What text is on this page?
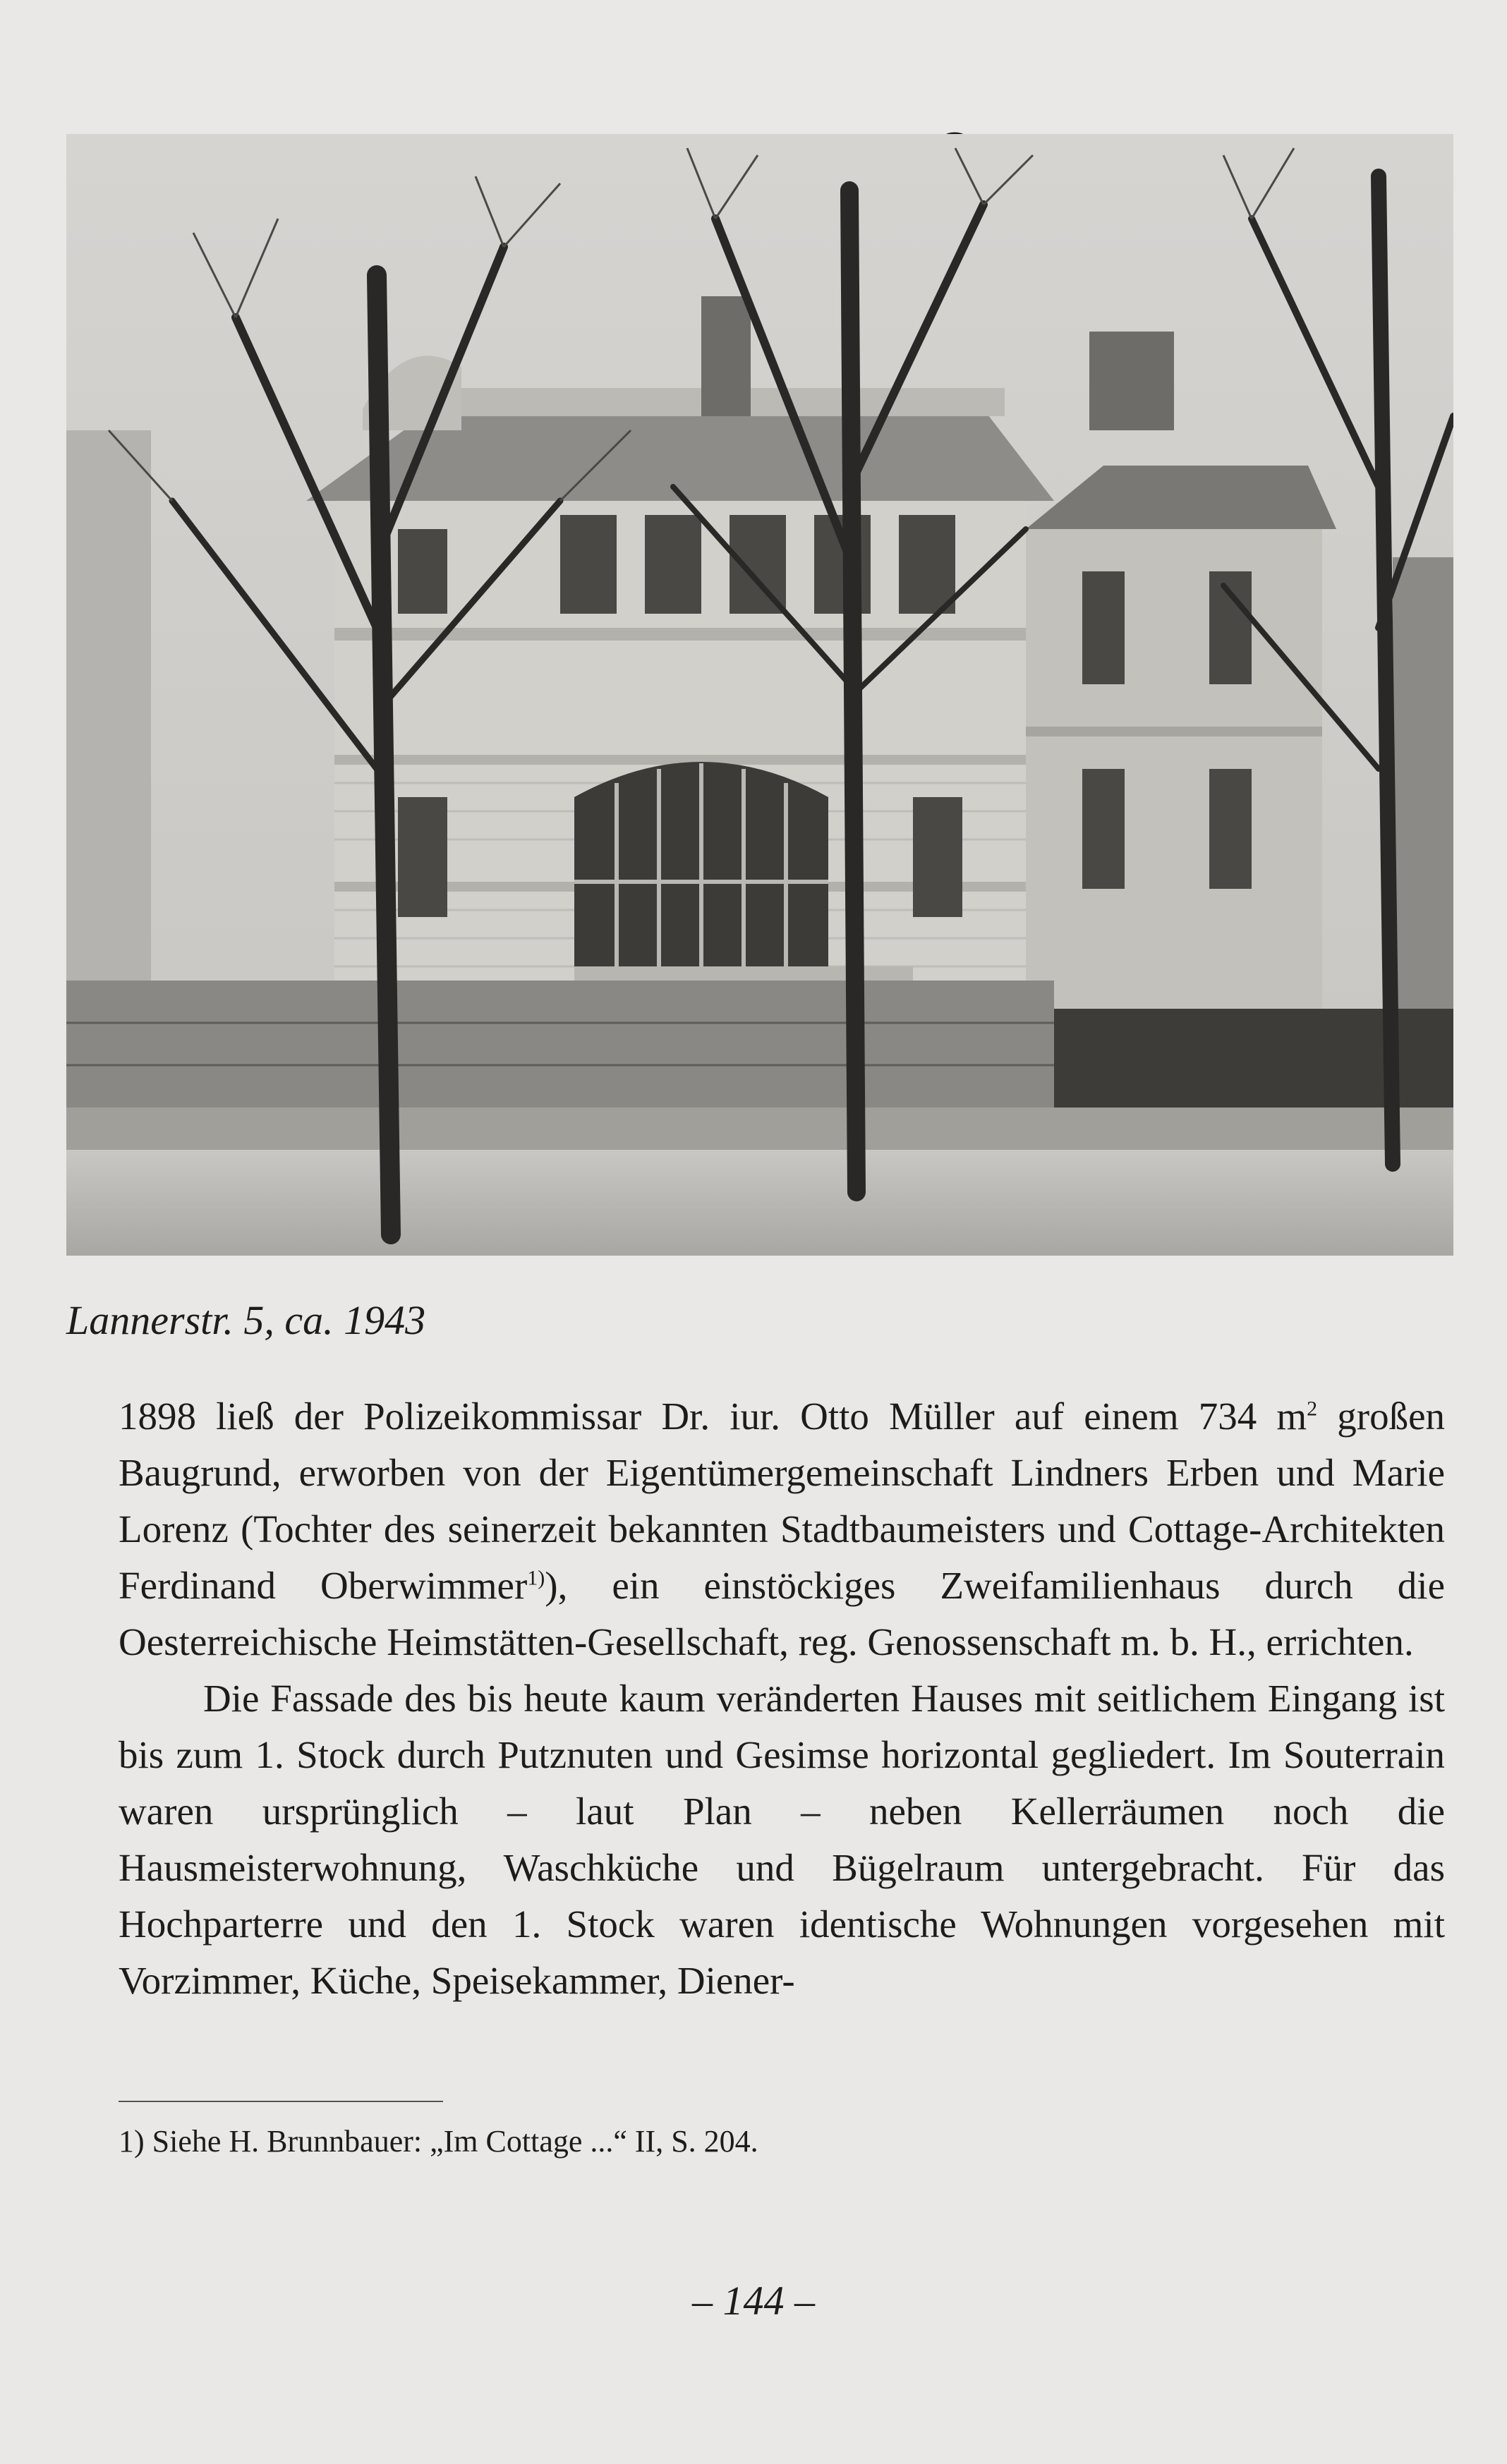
Lannerstr. 5, ca. 1943

1898 ließ der Polizeikommissar Dr. iur. Otto Müller auf einem 734 $m^2$ großen Baugrund, erworben von der Eigentümergemeinschaft Lindners Erben und Marie Lorenz (Tochter des seinerzeit bekannten Stadtbaumeisters und Cottage-Architekten Ferdinand Oberwimmer$^{1)}$), ein einstöckiges Zweifamilienhaus durch die Oesterreichische Heimstätten-Gesellschaft, reg. Genossenschaft m. b. H., errichten.

Die Fassade des bis heute kaum veränderten Hauses mit seitlichem Eingang ist bis zum 1. Stock durch Putznuten und Gesimse horizontal gegliedert. Im Souterrain waren ursprünglich – laut Plan – neben Kellerräumen noch die Hausmeisterwohnung, Waschküche und Bügelraum untergebracht. Für das Hochparterre und den 1. Stock waren identische Wohnungen vorgesehen mit Vorzimmer, Küche, Speisekammer, Diener-

1) Siehe H. Brunnbauer: „Im Cottage ...“ II, S. 204.
– 144 –
